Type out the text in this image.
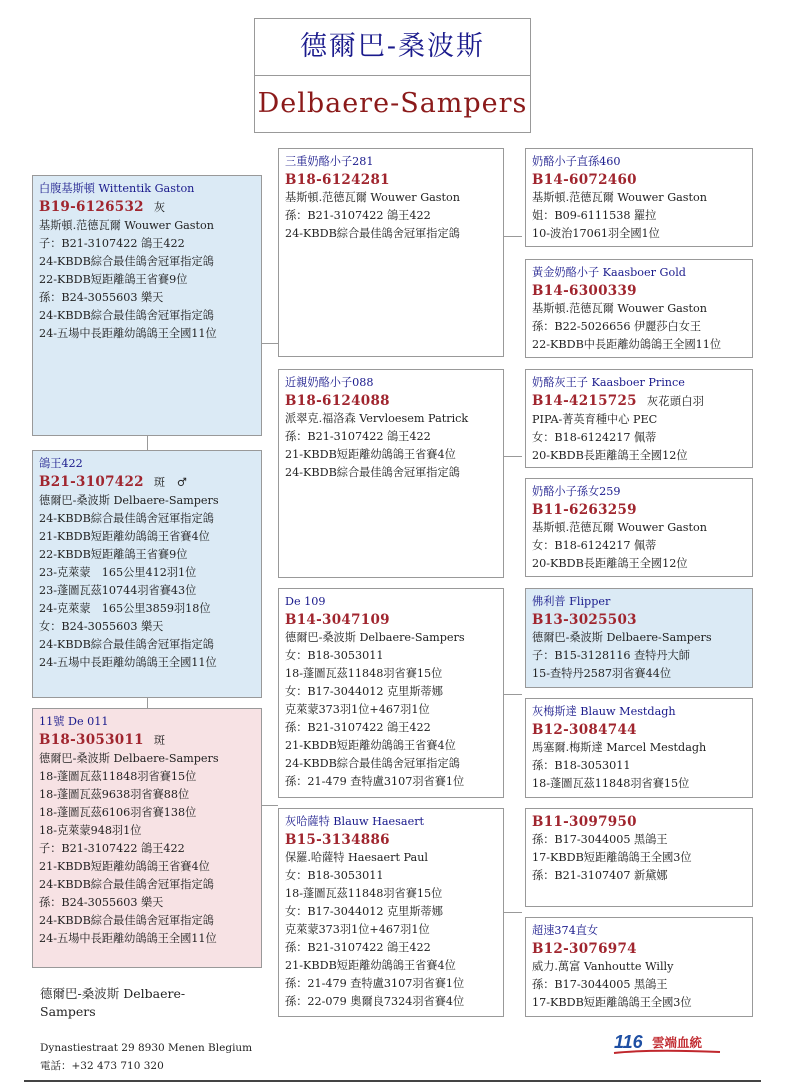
德爾巴-桑波斯
Delbaere-Sampers
白腹基斯頓 Wittentik Gaston
B19-6126532 灰
基斯頓.范德瓦爾 Wouwer Gaston
子：B21-3107422 鴿王422
24-KBDB綜合最佳鴿舍冠軍指定鴿
22-KBDB短距離鴿王省賽9位
孫：B24-3055603 樂天
24-KBDB綜合最佳鴿舍冠軍指定鴿
24-五場中長距離幼鴿鴿王全國11位
鴿王422
B21-3107422 斑　♂
德爾巴-桑波斯 Delbaere-Sampers
24-KBDB綜合最佳鴿舍冠軍指定鴿
21-KBDB短距離幼鴿鴿王省賽4位
22-KBDB短距離鴿王省賽9位
23-克萊蒙　165公里412羽1位
23-蓬圖瓦茲10744羽省賽43位
24-克萊蒙　165公里3859羽18位
女：B24-3055603 樂天
24-KBDB綜合最佳鴿舍冠軍指定鴿
24-五場中長距離幼鴿鴿王全國11位
11號 De 011
B18-3053011 斑
德爾巴-桑波斯 Delbaere-Sampers
18-蓬圖瓦茲11848羽省賽15位
18-蓬圖瓦茲9638羽省賽88位
18-蓬圖瓦茲6106羽省賽138位
18-克萊蒙948羽1位
子：B21-3107422 鴿王422
21-KBDB短距離幼鴿鴿王省賽4位
24-KBDB綜合最佳鴿舍冠軍指定鴿
孫：B24-3055603 樂天
24-KBDB綜合最佳鴿舍冠軍指定鴿
24-五場中長距離幼鴿鴿王全國11位
三重奶酪小子281
B18-6124281
基斯頓.范德瓦爾 Wouwer Gaston
孫：B21-3107422 鴿王422
24-KBDB綜合最佳鴿舍冠軍指定鴿
近親奶酪小子088
B18-6124088
派翠克.福洛森 Vervloesem Patrick
孫：B21-3107422 鴿王422
21-KBDB短距離幼鴿鴿王省賽4位
24-KBDB綜合最佳鴿舍冠軍指定鴿
De 109
B14-3047109
德爾巴-桑波斯 Delbaere-Sampers
女：B18-3053011
18-蓬圖瓦茲11848羽省賽15位
女：B17-3044012 克里斯蒂娜
克萊蒙373羽1位+467羽1位
孫：B21-3107422 鴿王422
21-KBDB短距離幼鴿鴿王省賽4位
24-KBDB綜合最佳鴿舍冠軍指定鴿
孫：21-479 查特盧3107羽省賽1位
灰哈薩特 Blauw Haesaert
B15-3134886
保羅.哈薩特 Haesaert Paul
女：B18-3053011
18-蓬圖瓦茲11848羽省賽15位
女：B17-3044012 克里斯蒂娜
克萊蒙373羽1位+467羽1位
孫：B21-3107422 鴿王422
21-KBDB短距離幼鴿鴿王省賽4位
孫：21-479 查特盧3107羽省賽1位
孫：22-079 奧爾良7324羽省賽4位
奶酪小子直孫460
B14-6072460
基斯頓.范德瓦爾 Wouwer Gaston
姐：B09-6111538 羅拉
10-波治17061羽全國1位
黃金奶酪小子 Kaasboer Gold
B14-6300339
基斯頓.范德瓦爾 Wouwer Gaston
孫：B22-5026656 伊麗莎白女王
22-KBDB中長距離幼鴿鴿王全國11位
奶酪灰王子 Kaasboer Prince
B14-4215725 灰花頭白羽
PIPA-菁英育種中心 PEC
女：B18-6124217 佩蒂
20-KBDB長距離鴿王全國12位
奶酪小子孫女259
B11-6263259
基斯頓.范德瓦爾 Wouwer Gaston
女：B18-6124217 佩蒂
20-KBDB長距離鴿王全國12位
佛利普 Flipper
B13-3025503
德爾巴-桑波斯 Delbaere-Sampers
子：B15-3128116 查特丹大師
15-查特丹2587羽省賽44位
灰梅斯達 Blauw Mestdagh
B12-3084744
馬塞爾.梅斯達 Marcel Mestdagh
孫：B18-3053011
18-蓬圖瓦茲11848羽省賽15位
B11-3097950
孫：B17-3044005 黑鴿王
17-KBDB短距離鴿鴿王全國3位
孫：B21-3107407 新黛娜
超速374直女
B12-3076974
威力.萬富 Vanhoutte Willy
孫：B17-3044005 黑鴿王
17-KBDB短距離鴿鴿王全國3位
德爾巴-桑波斯 Delbaere-
Sampers
Dynastiestraat 29 8930 Menen Blegium
電話：+32 473 710 320
116 雲端血統
